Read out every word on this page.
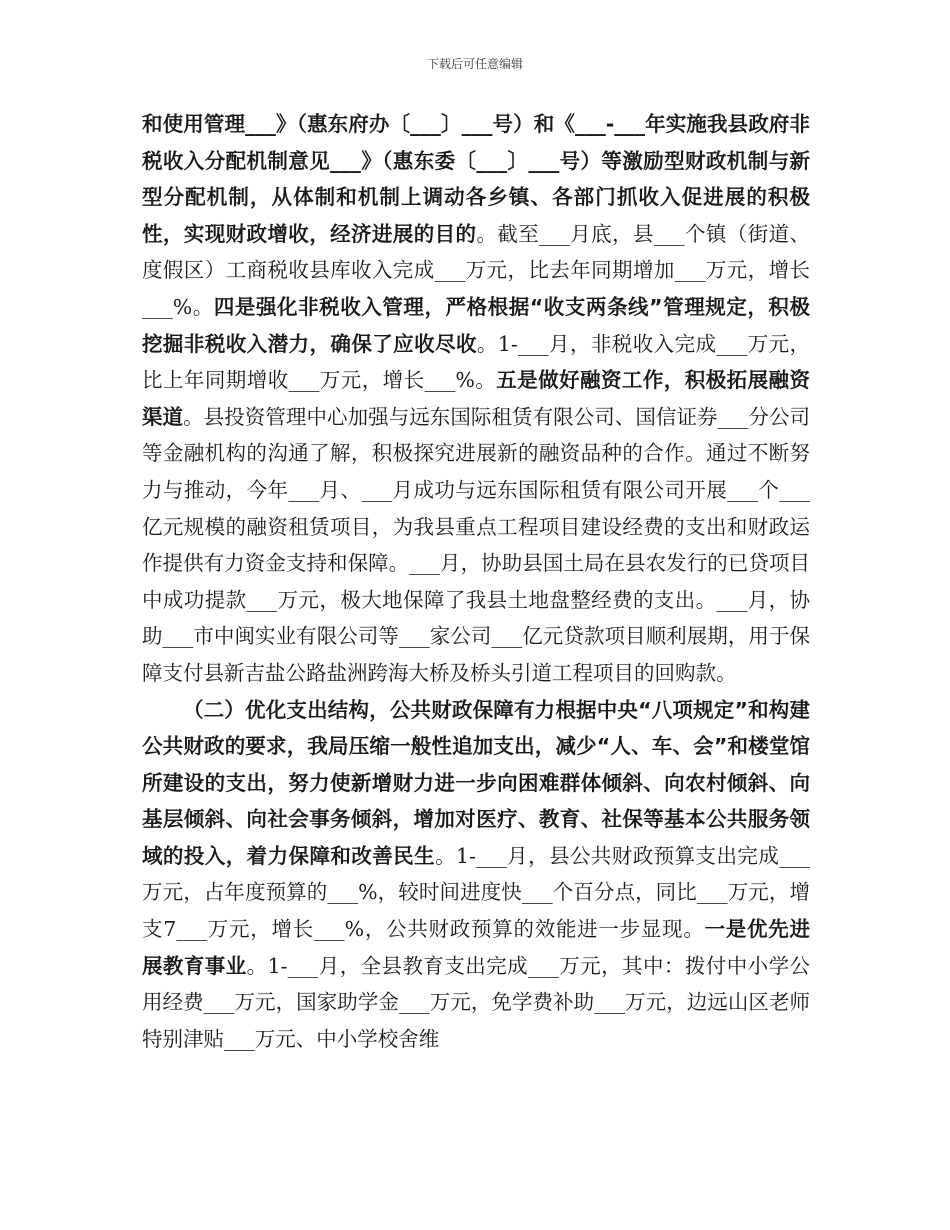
下载后可任意编辑

和使用管理___》（惠东府办〔___〕___号）和《___-___年实施我县政府非税收入分配机制意见___》（惠东委〔___〕___号）等激励型财政机制与新型分配机制，从体制和机制上调动各乡镇、各部门抓收入促进展的积极性，实现财政增收，经济进展的目的。截至___月底，县___个镇（街道、度假区）工商税收县库收入完成___万元，比去年同期增加___万元，增长___%。四是强化非税收入管理，严格根据“收支两条线”管理规定，积极挖掘非税收入潜力，确保了应收尽收。1-___月，非税收入完成___万元，比上年同期增收___万元，增长___%。五是做好融资工作，积极拓展融资渠道。县投资管理中心加强与远东国际租赁有限公司、国信证券___分公司等金融机构的沟通了解，积极探究进展新的融资品种的合作。通过不断努力与推动，今年___月、___月成功与远东国际租赁有限公司开展___个___亿元规模的融资租赁项目，为我县重点工程项目建设经费的支出和财政运作提供有力资金支持和保障。___月，协助县国土局在县农发行的已贷项目中成功提款___万元，极大地保障了我县土地盘整经费的支出。___月，协助___市中闽实业有限公司等___家公司___亿元贷款项目顺利展期，用于保障支付县新吉盐公路盐洲跨海大桥及桥头引道工程项目的回购款。

（二）优化支出结构，公共财政保障有力根据中央“八项规定”和构建公共财政的要求，我局压缩一般性追加支出，减少“人、车、会”和楼堂馆所建设的支出，努力使新增财力进一步向困难群体倾斜、向农村倾斜、向基层倾斜、向社会事务倾斜，增加对医疗、教育、社保等基本公共服务领域的投入，着力保障和改善民生。1-___月，县公共财政预算支出完成___万元，占年度预算的___%，较时间进度快___个百分点，同比___万元，增支7___万元，增长___%，公共财政预算的效能进一步显现。一是优先进展教育事业。1-___月，全县教育支出完成___万元，其中：拨付中小学公用经费___万元，国家助学金___万元，免学费补助___万元，边远山区老师特别津贴___万元、中小学校舍维
